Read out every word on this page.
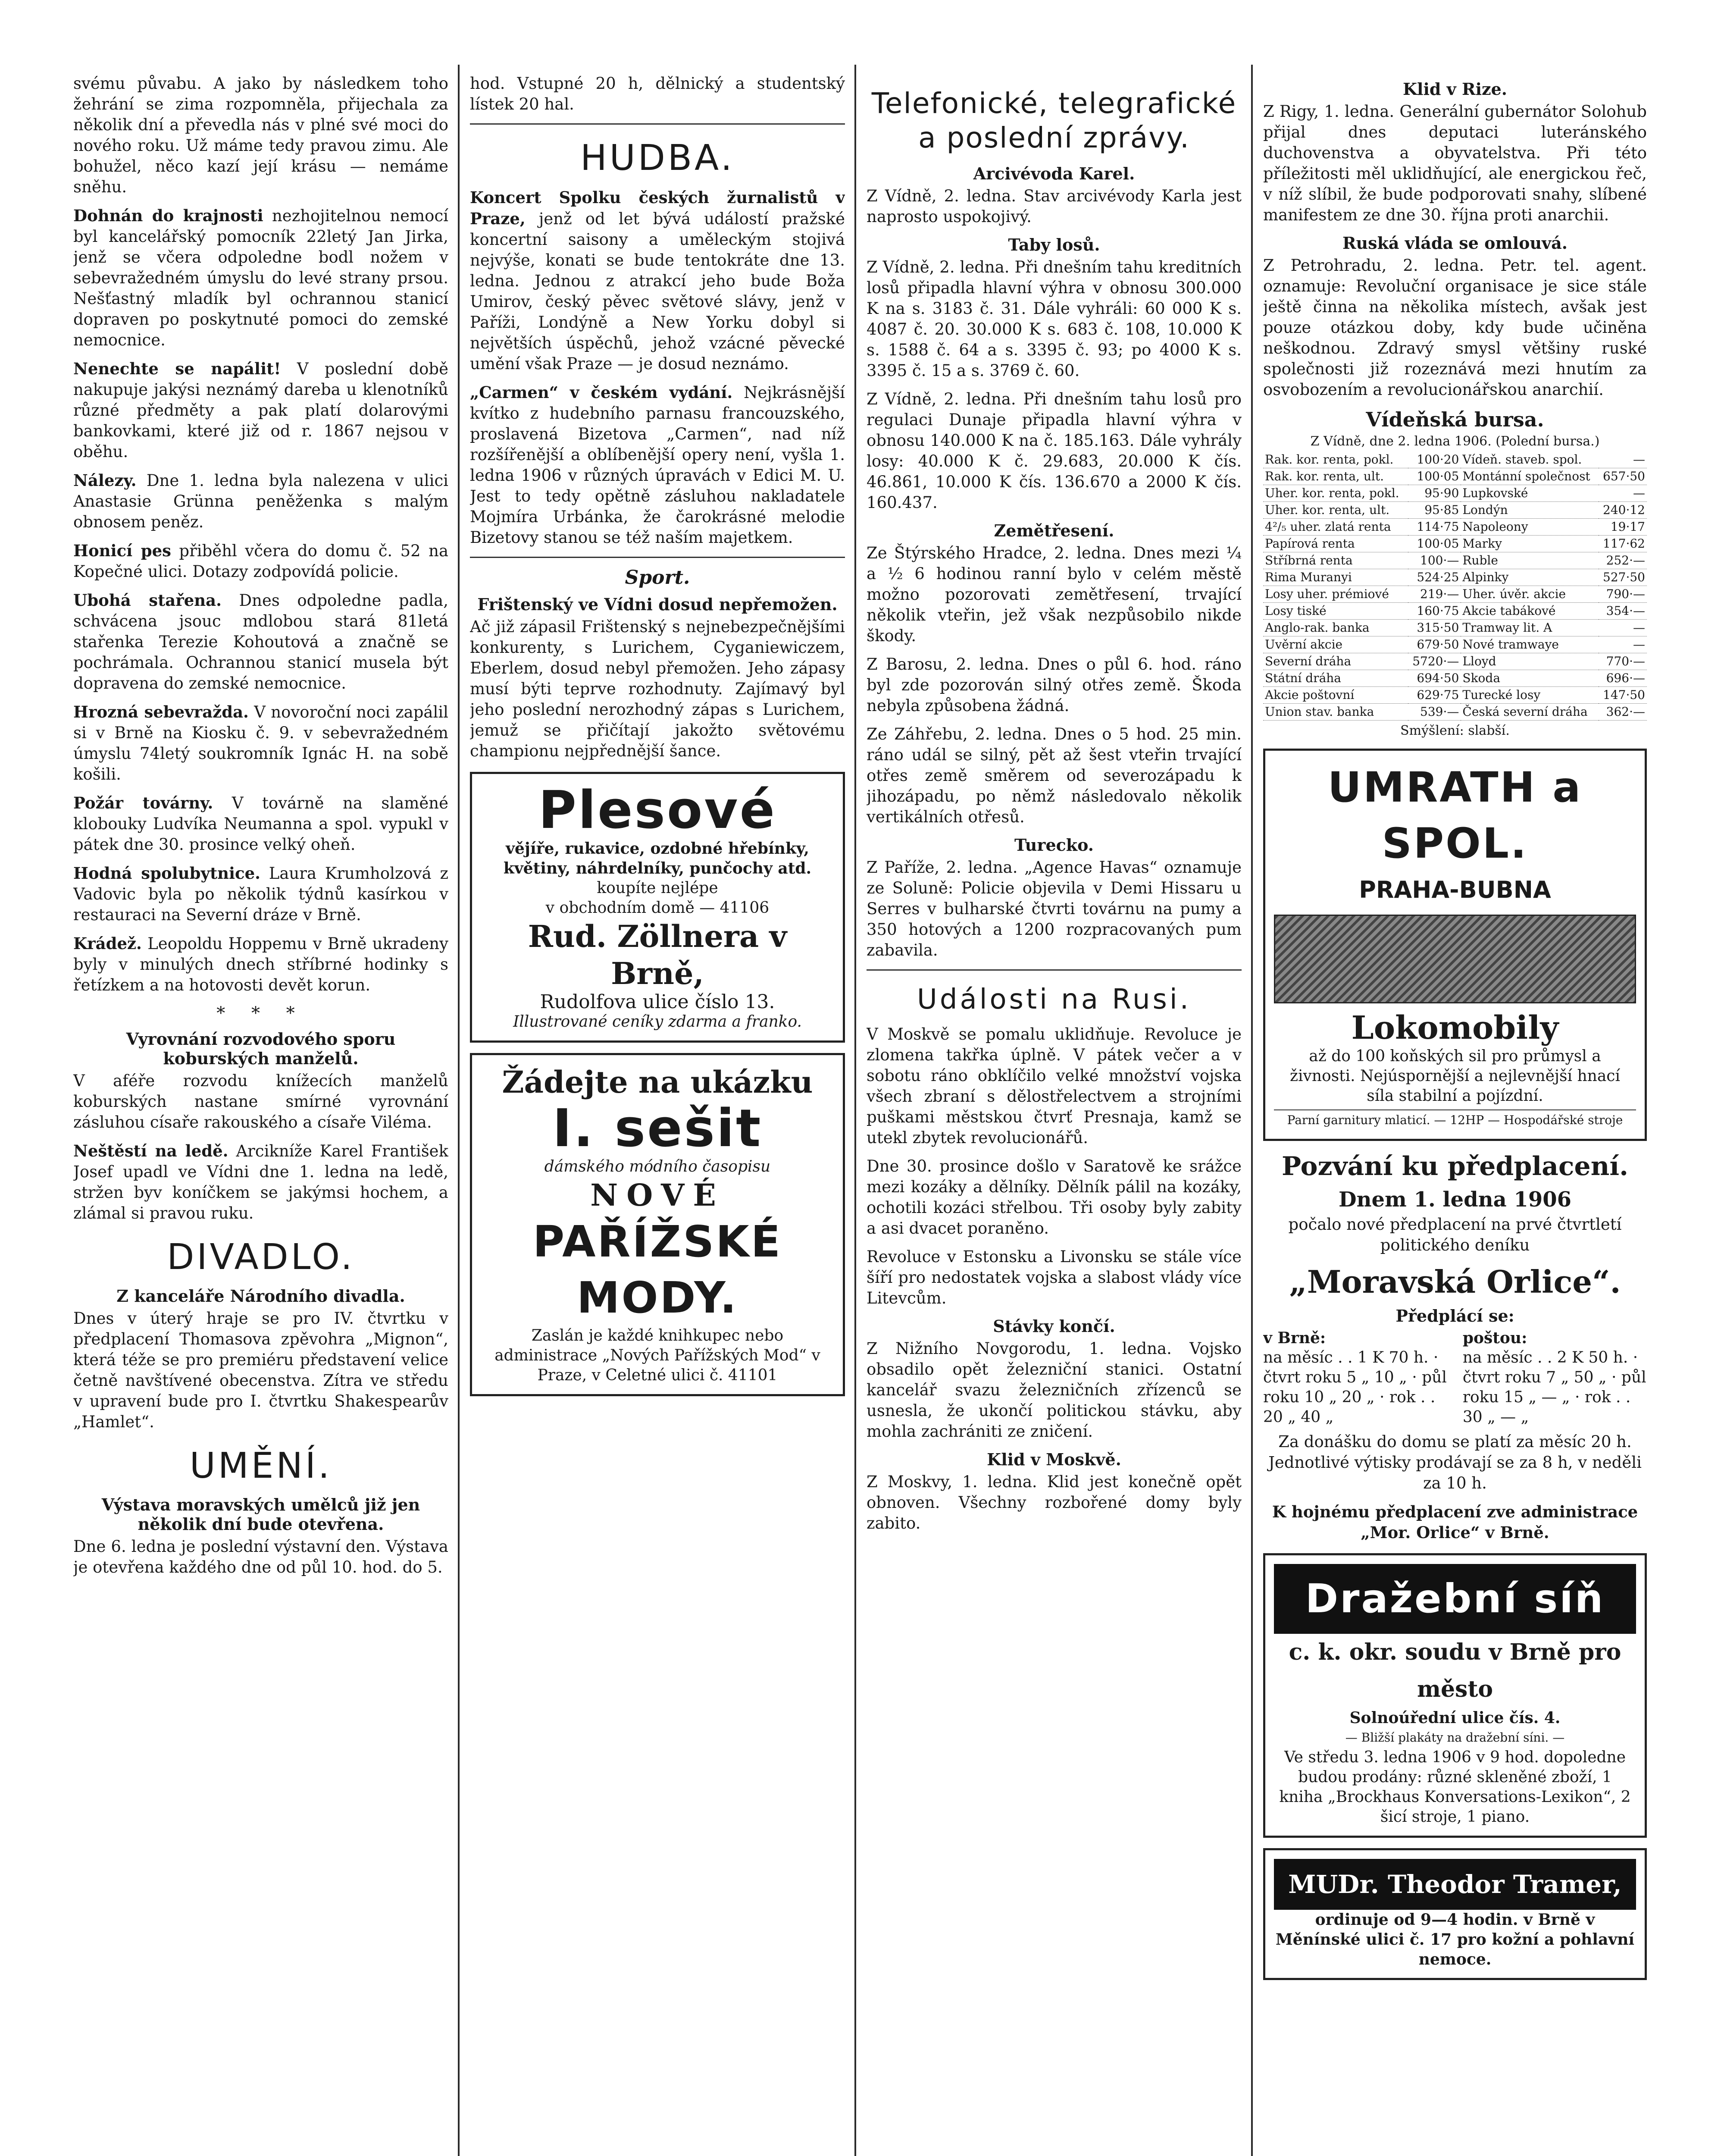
svému půvabu. A jako by následkem toho žehrání se zima rozpomněla, přijechala za několik dní a převedla nás v plné své moci do nového roku. Už máme tedy pravou zimu. Ale bohužel, něco kazí její krásu — nemáme sněhu.

Dohnán do krajnosti nezhojitelnou nemocí byl kancelářský pomocník 22letý Jan Jirka, jenž se včera odpoledne bodl nožem v sebevražedném úmyslu do levé strany prsou. Nešťastný mladík byl ochrannou stanicí dopraven po poskytnuté pomoci do zemské nemocnice.

Nenechte se napálit! V poslední době nakupuje jakýsi neznámý dareba u klenotníků různé předměty a pak platí dolarovými bankovkami, které již od r. 1867 nejsou v oběhu.

Nálezy. Dne 1. ledna byla nalezena v ulici Anastasie Grünna peněženka s malým obnosem peněz.

Honicí pes přiběhl včera do domu č. 52 na Kopečné ulici. Dotazy zodpovídá policie.

Ubohá stařena. Dnes odpoledne padla, schvácena jsouc mdlobou stará 81letá stařenka Terezie Kohoutová a značně se pochrámala. Ochrannou stanicí musela být dopravena do zemské nemocnice.

Hrozná sebevražda. V novoroční noci zapálil si v Brně na Kiosku č. 9. v sebevražedném úmyslu 74letý soukromník Ignác H. na sobě košili.

Požár továrny. V továrně na slaměné klobouky Ludvíka Neumanna a spol. vypukl v pátek dne 30. prosince velký oheň.

Hodná spolubytnice. Laura Krumholzová z Vadovic byla po několik týdnů kasírkou v restauraci na Severní dráze v Brně.

Krádež. Leopoldu Hoppemu v Brně ukradeny byly v minulých dnech stříbrné hodinky s řetízkem a na hotovosti devět korun.

* * *
Vyrovnání rozvodového sporu koburských manželů.

V aféře rozvodu knížecích manželů koburských nastane smírné vyrovnání zásluhou císaře rakouského a císaře Viléma.

Neštěstí na ledě. Arcikníže Karel František Josef upadl ve Vídni dne 1. ledna na ledě, stržen byv koníčkem se jakýmsi hochem, a zlámal si pravou ruku.

DIVADLO.
Z kanceláře Národního divadla.

Dnes v úterý hraje se pro IV. čtvrtku v předplacení Thomasova zpěvohra „Mignon“, která téže se pro premiéru představení velice četně navštívené obecenstva. Zítra ve středu v upravení bude pro I. čtvrtku Shakespearův „Hamlet“.

UMĚNÍ.
Výstava moravských umělců již jen několik dní bude otevřena.

Dne 6. ledna je poslední výstavní den. Výstava je otevřena každého dne od půl 10. hod. do 5.

hod. Vstupné 20 h, dělnický a studentský lístek 20 hal.

HUDBA.

Koncert Spolku českých žurnalistů v Praze, jenž od let bývá událostí pražské koncertní saisony a uměleckým stojivá nejvýše, konati se bude tentokráte dne 13. ledna. Jednou z atrakcí jeho bude Boža Umirov, český pěvec světové slávy, jenž v Paříži, Londýně a New Yorku dobyl si největších úspěchů, jehož vzácné pěvecké umění však Praze — je dosud neznámo.

„Carmen“ v českém vydání. Nejkrásnější kvítko z hudebního parnasu francouzského, proslavená Bizetova „Carmen“, nad níž rozšířenější a oblíbenější opery není, vyšla 1. ledna 1906 v různých úpravách v Edici M. U. Jest to tedy opětně zásluhou nakladatele Mojmíra Urbánka, že čarokrásné melodie Bizetovy stanou se též naším majetkem.

Sport.
Frištenský ve Vídni dosud nepřemožen.

Ač již zápasil Frištenský s nejnebezpečnějšími konkurenty, s Lurichem, Cyganiewiczem, Eberlem, dosud nebyl přemožen. Jeho zápasy musí býti teprve rozhodnuty. Zajímavý byl jeho poslední nerozhodný zápas s Lurichem, jemuž se přičítají jakožto světovému championu nejpřednější šance.

Plesové
vějíře, rukavice, ozdobné hřebínky, květiny, náhrdelníky, punčochy atd.
koupíte nejlépe
v obchodním domě — 41106
Rud. Zöllnera v Brně,
Rudolfova ulice číslo 13.
Illustrované ceníky zdarma a franko.
Žádejte na ukázku
I. sešit
dámského módního časopisu
NOVÉ
PAŘÍŽSKÉ MODY.
Zaslán je každé knihkupec nebo administrace „Nových Pařížských Mod“ v Praze, v Celetné ulici č. 41101
Telefonické, telegrafické a poslední zprávy.
Arcivévoda Karel.

Z Vídně, 2. ledna. Stav arcivévody Karla jest naprosto uspokojivý.

Taby losů.

Z Vídně, 2. ledna. Při dnešním tahu kreditních losů připadla hlavní výhra v obnosu 300.000 K na s. 3183 č. 31. Dále vyhráli: 60 000 K s. 4087 č. 20. 30.000 K s. 683 č. 108, 10.000 K s. 1588 č. 64 a s. 3395 č. 93; po 4000 K s. 3395 č. 15 a s. 3769 č. 60.

Z Vídně, 2. ledna. Při dnešním tahu losů pro regulaci Dunaje připadla hlavní výhra v obnosu 140.000 K na č. 185.163. Dále vyhrály losy: 40.000 K č. 29.683, 20.000 K čís. 46.861, 10.000 K čís. 136.670 a 2000 K čís. 160.437.

Zemětřesení.

Ze Štýrského Hradce, 2. ledna. Dnes mezi ¼ a ½ 6 hodinou ranní bylo v celém městě možno pozorovati zemětřesení, trvající několik vteřin, jež však nezpůsobilo nikde škody.

Z Barosu, 2. ledna. Dnes o půl 6. hod. ráno byl zde pozorován silný otřes země. Škoda nebyla způsobena žádná.

Ze Záhřebu, 2. ledna. Dnes o 5 hod. 25 min. ráno udál se silný, pět až šest vteřin trvající otřes země směrem od severozápadu k jihozápadu, po němž následovalo několik vertikálních otřesů.

Turecko.

Z Paříže, 2. ledna. „Agence Havas“ oznamuje ze Soluně: Policie objevila v Demi Hissaru u Serres v bulharské čtvrti továrnu na pumy a 350 hotových a 1200 rozpracovaných pum zabavila.

Události na Rusi.

V Moskvě se pomalu uklidňuje. Revoluce je zlomena takřka úplně. V pátek večer a v sobotu ráno obklíčilo velké množství vojska všech zbraní s dělostřelectvem a strojními puškami městskou čtvrť Presnaja, kamž se utekl zbytek revolucionářů.

Dne 30. prosince došlo v Saratově ke srážce mezi kozáky a dělníky. Dělník pálil na kozáky, ochotili kozáci střelbou. Tři osoby byly zabity a asi dvacet poraněno.

Revoluce v Estonsku a Livonsku se stále více šíří pro nedostatek vojska a slabost vlády více Litevcům.

Stávky končí.

Z Nižního Novgorodu, 1. ledna. Vojsko obsadilo opět železniční stanici. Ostatní kancelář svazu železničních zřízenců se usnesla, že ukončí politickou stávku, aby mohla zachrániti ze zničení.

Klid v Moskvě.

Z Moskvy, 1. ledna. Klid jest konečně opět obnoven. Všechny rozbořené domy byly zabito.

Klid v Rize.

Z Rigy, 1. ledna. Generální gubernátor Solohub přijal dnes deputaci luteránského duchovenstva a obyvatelstva. Při této příležitosti měl uklidňující, ale energickou řeč, v níž slíbil, že bude podporovati snahy, slíbené manifestem ze dne 30. října proti anarchii.

Ruská vláda se omlouvá.

Z Petrohradu, 2. ledna. Petr. tel. agent. oznamuje: Revoluční organisace je sice stále ještě činna na několika místech, avšak jest pouze otázkou doby, kdy bude učiněna neškodnou. Zdravý smysl většiny ruské společnosti již rozeznává mezi hnutím za osvobozením a revolucionářskou anarchií.

Vídeňská bursa.
Z Vídně, dne 2. ledna 1906. (Polední bursa.)
Rak. kor. renta, pokl.	100·20	Vídeň. staveb. spol.	—
Rak. kor. renta, ult.	100·05	Montánní společnost	657·50
Uher. kor. renta, pokl.	95·90	Lupkovské	—
Uher. kor. renta, ult.	95·85	Londýn	240·12
4²/₅ uher. zlatá renta	114·75	Napoleony	19·17
Papírová renta	100·05	Marky	117·62
Stříbrná renta	100·—	Ruble	252·—
Rima Muranyi	524·25	Alpinky	527·50
Losy uher. prémiové	219·—	Uher. úvěr. akcie	790·—
Losy tiské	160·75	Akcie tabákové	354·—
Anglo-rak. banka	315·50	Tramway lit. A	—
Uvěrní akcie	679·50	Nové tramwaye	—
Severní dráha	5720·—	Lloyd	770·—
Státní dráha	694·50	Skoda	696·—
Akcie poštovní	629·75	Turecké losy	147·50
Union stav. banka	539·—	Česká severní dráha	362·—
Smýšlení: slabší.
UMRATH a SPOL.
PRAHA-BUBNA
Lokomobily
až do 100 koňských sil pro průmysl a živnosti. Nejúspornější a nejlevnější hnací síla stabilní a pojízdní.
Parní garnitury mlaticí. — 12HP — Hospodářské stroje
Pozvání ku předplacení.
Dnem 1. ledna 1906

počalo nové předplacení na prvé čtvrtletí politického deníku

„Moravská Orlice“.
Předplácí se:
v Brně:
na měsíc . . 1 K 70 h. · čtvrt roku 5 „ 10 „ · půl roku 10 „ 20 „ · rok . . 20 „ 40 „
poštou:
na měsíc . . 2 K 50 h. · čtvrt roku 7 „ 50 „ · půl roku 15 „ — „ · rok . . 30 „ — „

Za donášku do domu se platí za měsíc 20 h. Jednotlivé výtisky prodávají se za 8 h, v neděli za 10 h.

K hojnému předplacení zve administrace „Mor. Orlice“ v Brně.

Dražební síň
c. k. okr. soudu v Brně pro město
Solnoúřední ulice čís. 4.
— Bližší plakáty na dražební síni. —
Ve středu 3. ledna 1906 v 9 hod. dopoledne budou prodány: různé skleněné zboží, 1 kniha „Brockhaus Konversations-Lexikon“, 2 šicí stroje, 1 piano.
MUDr. Theodor Tramer,
ordinuje od 9—4 hodin. v Brně v Měnínské ulici č. 17 pro kožní a pohlavní nemoce.
